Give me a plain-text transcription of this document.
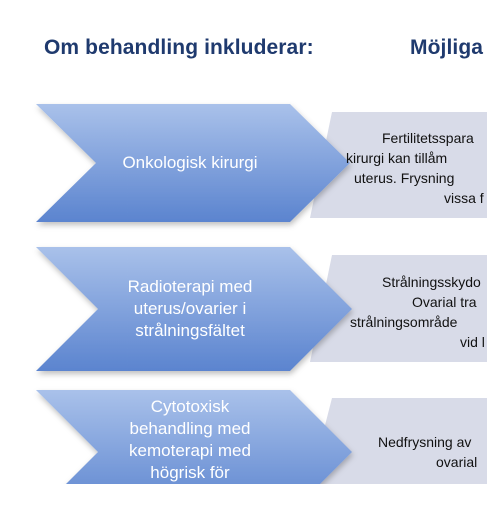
Om behandling inkluderar:	Möjliga
Onkologisk kirurgi
Radioterapi med
uterus/ovarier i
strålningsfältet
Cytotoxisk
behandling med
kemoterapi med
högrisk för
Fertilitetsspara
kirurgi kan tillåm
uterus. Frysning
vissa f
Strålningsskydo
Ovarial tra
strålningsområde
vid l
Nedfrysning av
ovarial
